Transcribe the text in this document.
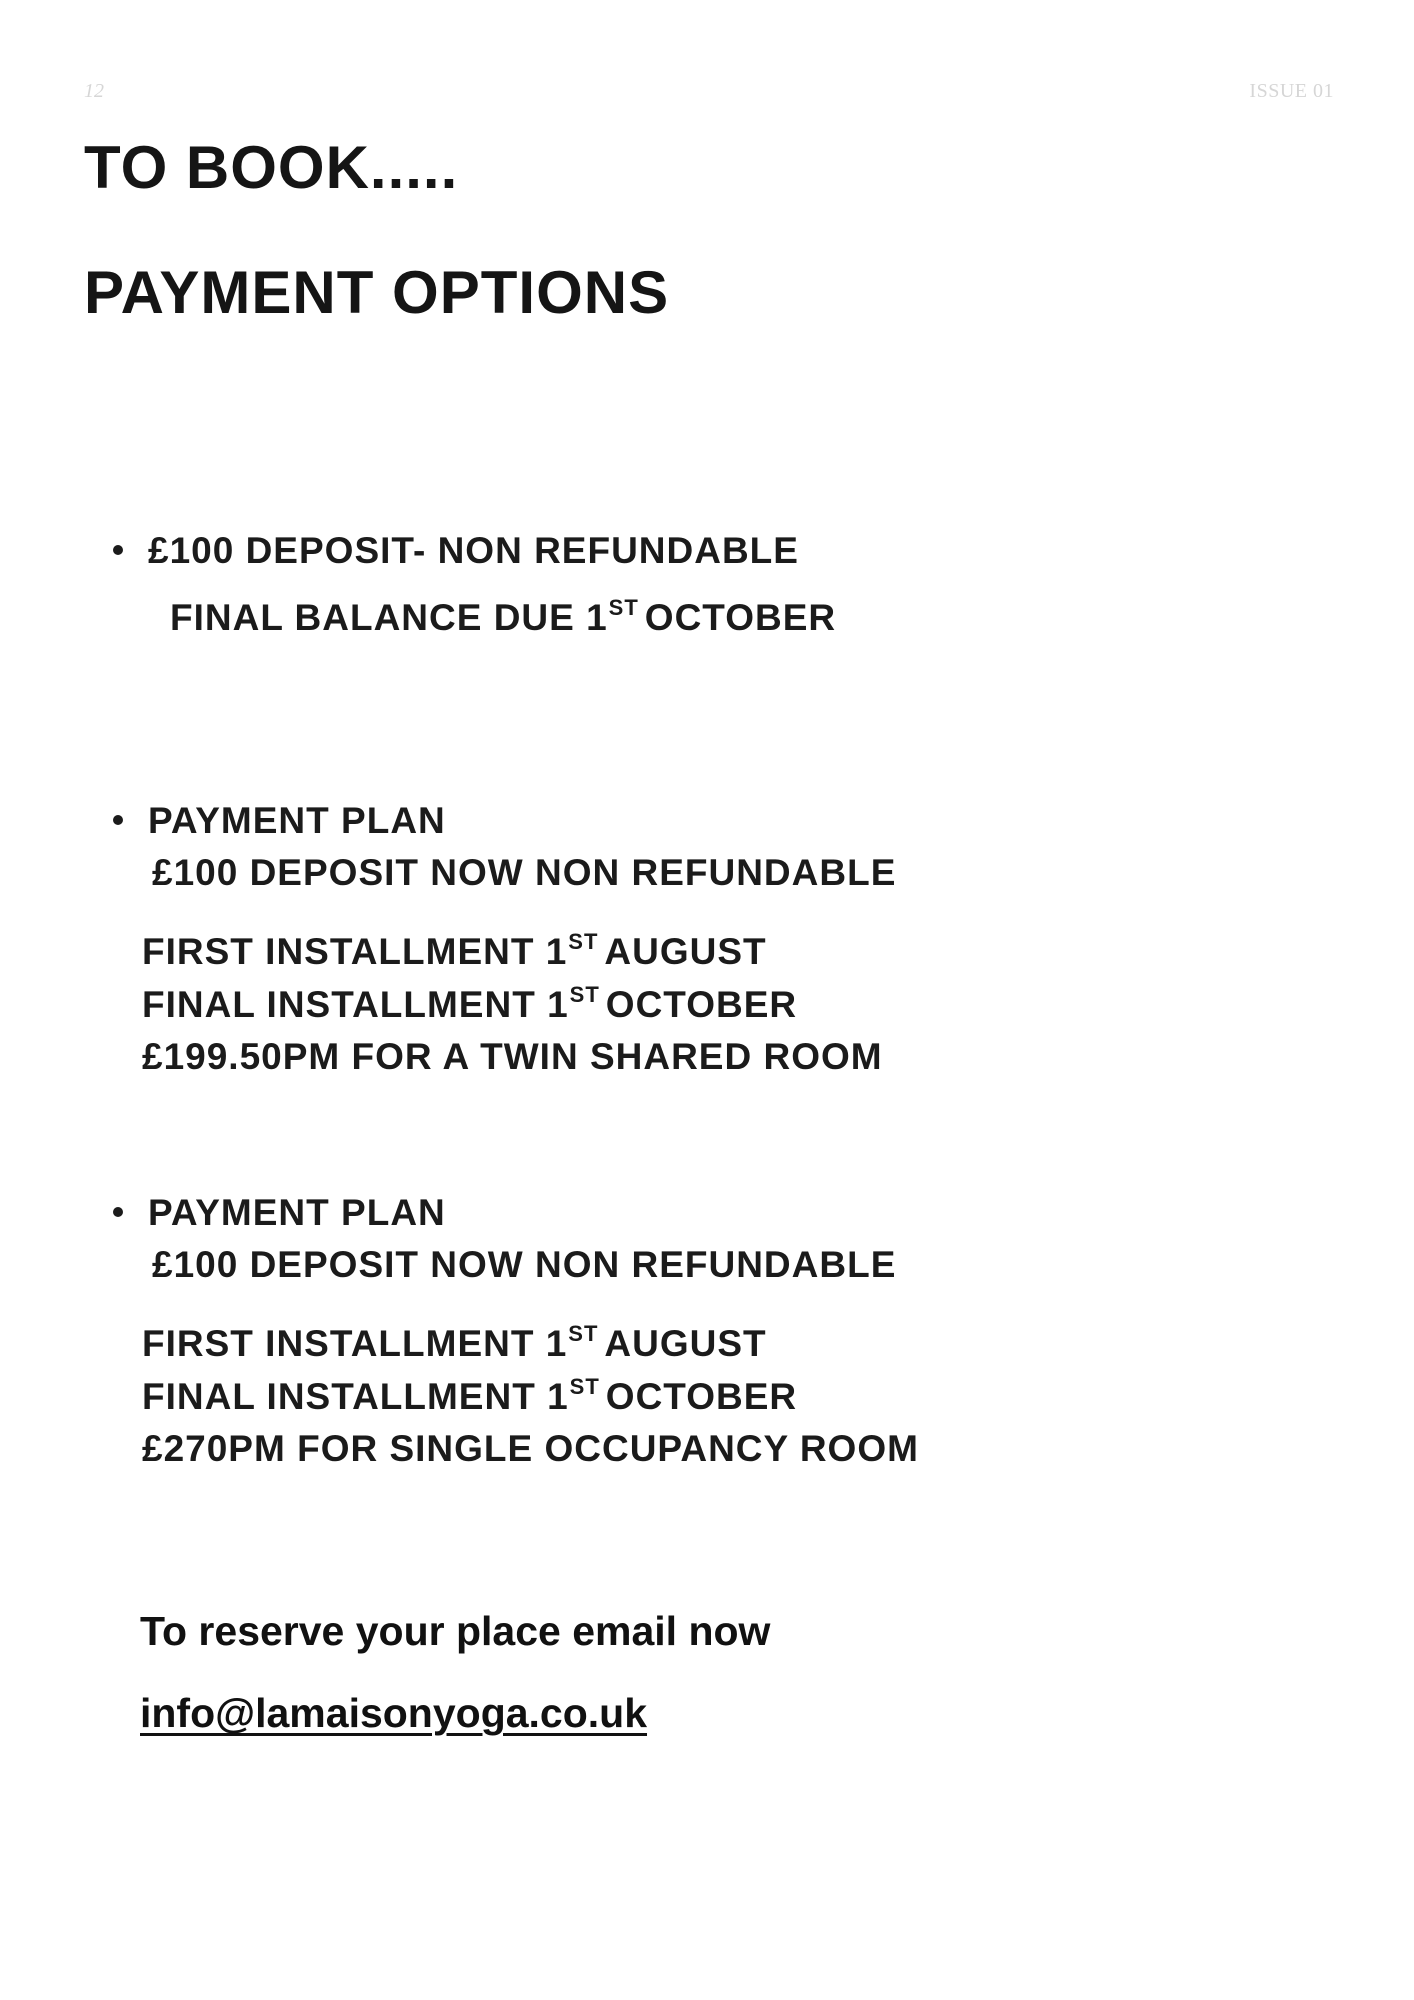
12	ISSUE 01
TO BOOK.....
PAYMENT OPTIONS
£100 DEPOSIT- NON REFUNDABLE
FINAL BALANCE DUE 1ST OCTOBER
PAYMENT PLAN
£100 DEPOSIT NOW NON REFUNDABLE
FIRST INSTALLMENT 1ST AUGUST
FINAL INSTALLMENT 1ST OCTOBER
£199.50PM FOR A TWIN SHARED ROOM
PAYMENT PLAN
£100 DEPOSIT NOW NON REFUNDABLE
FIRST INSTALLMENT 1ST AUGUST
FINAL INSTALLMENT 1ST OCTOBER
£270PM FOR SINGLE OCCUPANCY ROOM
To reserve your place email now
info@lamaisonyoga.co.uk
